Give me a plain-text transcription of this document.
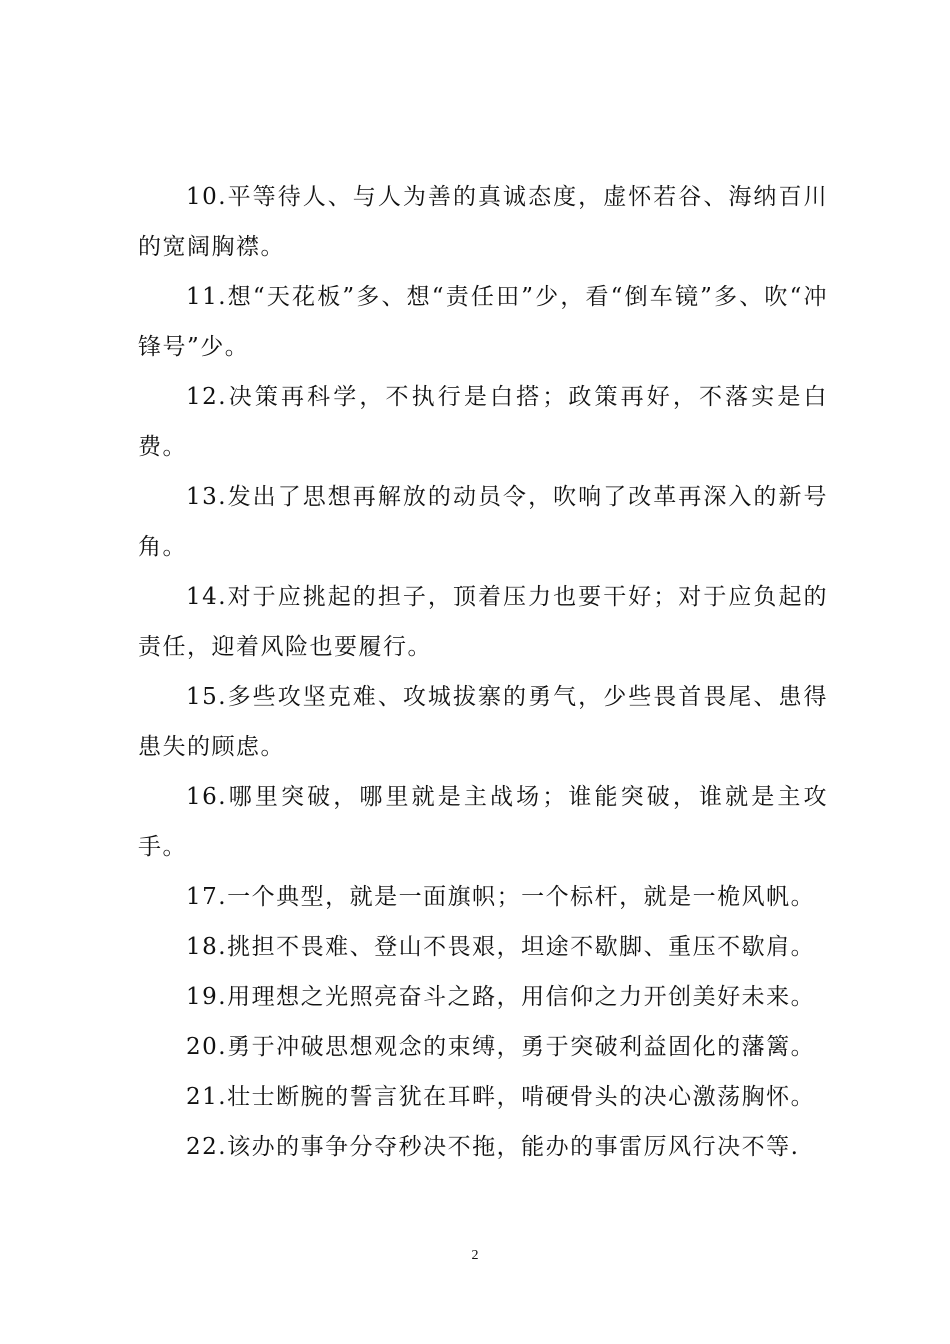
10.平等待人、与人为善的真诚态度，虚怀若谷、海纳百川的宽阔胸襟。

11.想“天花板”多、想“责任田”少，看“倒车镜”多、吹“冲锋号”少。

12.决策再科学，不执行是白搭；政策再好，不落实是白费。

13.发出了思想再解放的动员令，吹响了改革再深入的新号角。

14.对于应挑起的担子，顶着压力也要干好；对于应负起的责任，迎着风险也要履行。

15.多些攻坚克难、攻城拔寨的勇气，少些畏首畏尾、患得患失的顾虑。

16.哪里突破，哪里就是主战场；谁能突破，谁就是主攻手。

17.一个典型，就是一面旗帜；一个标杆，就是一桅风帆。

18.挑担不畏难、登山不畏艰，坦途不歇脚、重压不歇肩。

19.用理想之光照亮奋斗之路，用信仰之力开创美好未来。

20.勇于冲破思想观念的束缚，勇于突破利益固化的藩篱。

21.壮士断腕的誓言犹在耳畔，啃硬骨头的决心激荡胸怀。

22.该办的事争分夺秒决不拖，能办的事雷厉风行决不等.

2
